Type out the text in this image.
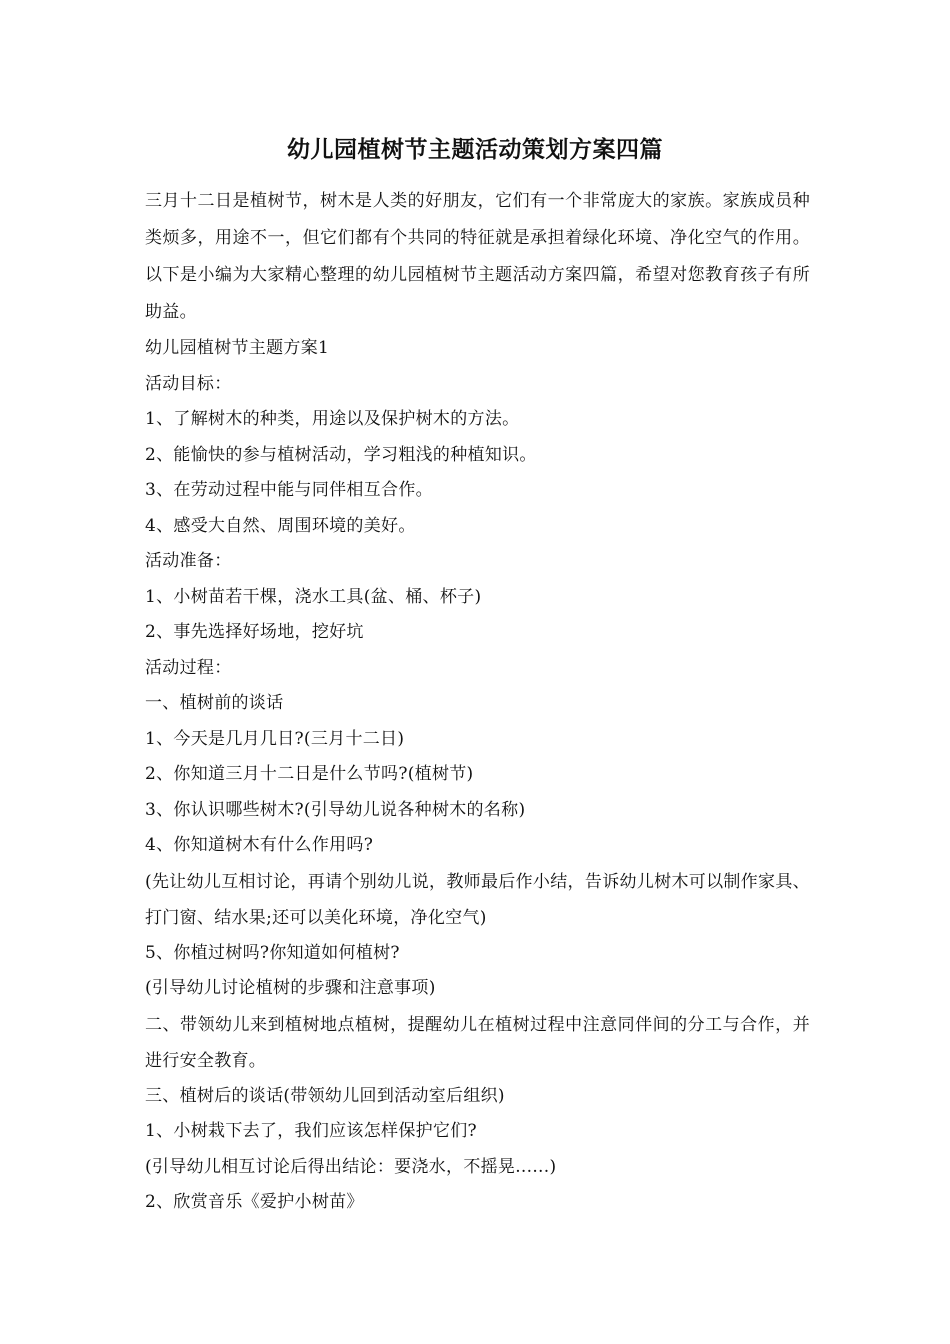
幼儿园植树节主题活动策划方案四篇

三月十二日是植树节，树木是人类的好朋友，它们有一个非常庞大的家族。家族成员种类烦多，用途不一，但它们都有个共同的特征就是承担着绿化环境、净化空气的作用。以下是小编为大家精心整理的幼儿园植树节主题活动方案四篇，希望对您教育孩子有所助益。

幼儿园植树节主题方案1

活动目标：

1、了解树木的种类，用途以及保护树木的方法。

2、能愉快的参与植树活动，学习粗浅的种植知识。

3、在劳动过程中能与同伴相互合作。

4、感受大自然、周围环境的美好。

活动准备：

1、小树苗若干棵，浇水工具(盆、桶、杯子)

2、事先选择好场地，挖好坑

活动过程：

一、植树前的谈话

1、今天是几月几日?(三月十二日)

2、你知道三月十二日是什么节吗?(植树节)

3、你认识哪些树木?(引导幼儿说各种树木的名称)

4、你知道树木有什么作用吗?

(先让幼儿互相讨论，再请个别幼儿说，教师最后作小结，告诉幼儿树木可以制作家具、打门窗、结水果;还可以美化环境，净化空气)

5、你植过树吗?你知道如何植树?

(引导幼儿讨论植树的步骤和注意事项)

二、带领幼儿来到植树地点植树，提醒幼儿在植树过程中注意同伴间的分工与合作，并进行安全教育。

三、植树后的谈话(带领幼儿回到活动室后组织)

1、小树栽下去了，我们应该怎样保护它们?

(引导幼儿相互讨论后得出结论：要浇水，不摇晃......)

2、欣赏音乐《爱护小树苗》
